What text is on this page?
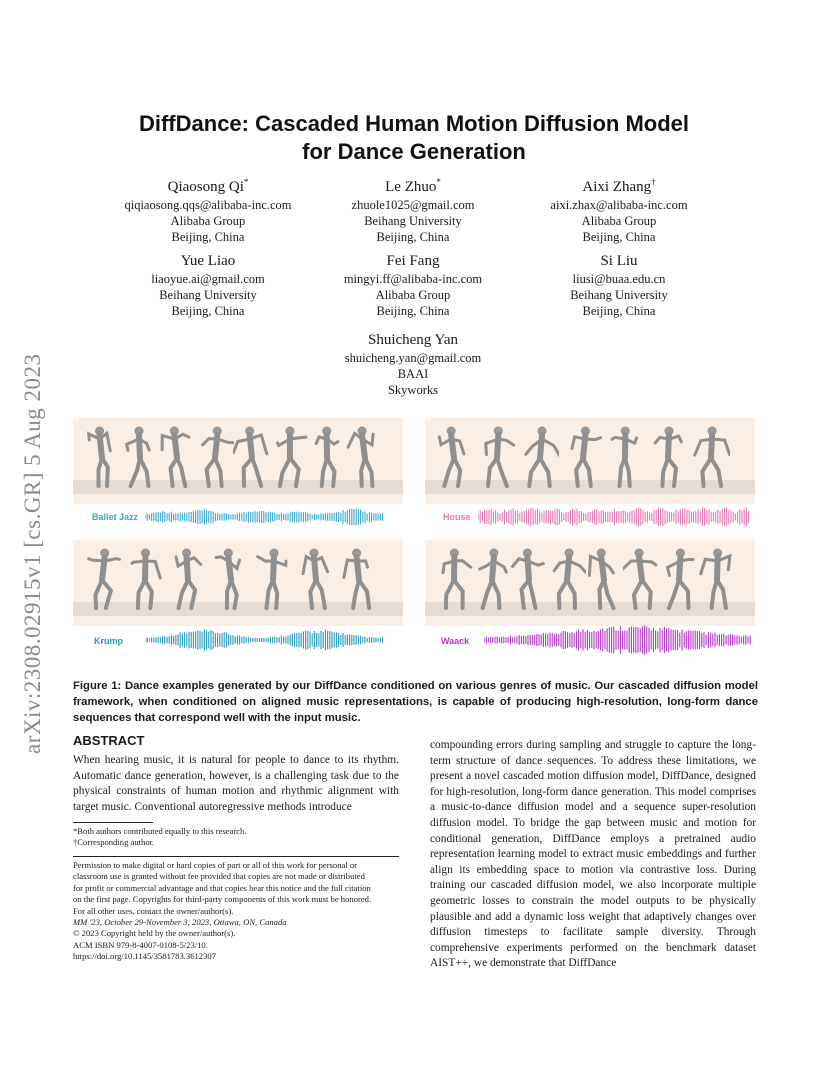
arXiv:2308.02915v1 [cs.GR] 5 Aug 2023
DiffDance: Cascaded Human Motion Diffusion Model
for Dance Generation
Qiaosong Qi*
qiqiaosong.qqs@alibaba-inc.com
Alibaba Group
Beijing, China
Le Zhuo*
zhuole1025@gmail.com
Beihang University
Beijing, China
Aixi Zhang†
aixi.zhax@alibaba-inc.com
Alibaba Group
Beijing, China
Yue Liao
liaoyue.ai@gmail.com
Beihang University
Beijing, China
Fei Fang
mingyi.ff@alibaba-inc.com
Alibaba Group
Beijing, China
Si Liu
liusi@buaa.edu.cn
Beihang University
Beijing, China
Shuicheng Yan
shuicheng.yan@gmail.com
BAAI
Skyworks
Ballet Jazz	House
Krump	Waack
Figure 1: Dance examples generated by our DiffDance conditioned on various genres of music. Our cascaded diffusion model framework, when conditioned on aligned music representations, is capable of producing high-resolution, long-form dance sequences that correspond well with the input music.
ABSTRACT
When hearing music, it is natural for people to dance to its rhythm. Automatic dance generation, however, is a challenging task due to the physical constraints of human motion and rhythmic alignment with target music. Conventional autoregressive methods introduce
*Both authors contributed equally to this research.
†Corresponding author.
Permission to make digital or hard copies of part or all of this work for personal or
classroom use is granted without fee provided that copies are not made or distributed
for profit or commercial advantage and that copies bear this notice and the full citation
on the first page. Copyrights for third-party components of this work must be honored.
For all other uses, contact the owner/author(s).
MM '23, October 29-November 3, 2023, Ottawa, ON, Canada
© 2023 Copyright held by the owner/author(s).
ACM ISBN 979-8-4007-0108-5/23/10.
https://doi.org/10.1145/3581783.3612307
compounding errors during sampling and struggle to capture the long-term structure of dance sequences. To address these limitations, we present a novel cascaded motion diffusion model, DiffDance, designed for high-resolution, long-form dance generation. This model comprises a music-to-dance diffusion model and a sequence super-resolution diffusion model. To bridge the gap between music and motion for conditional generation, DiffDance employs a pretrained audio representation learning model to extract music embeddings and further align its embedding space to motion via contrastive loss. During training our cascaded diffusion model, we also incorporate multiple geometric losses to constrain the model outputs to be physically plausible and add a dynamic loss weight that adaptively changes over diffusion timesteps to facilitate sample diversity. Through comprehensive experiments performed on the benchmark dataset AIST++, we demonstrate that DiffDance
